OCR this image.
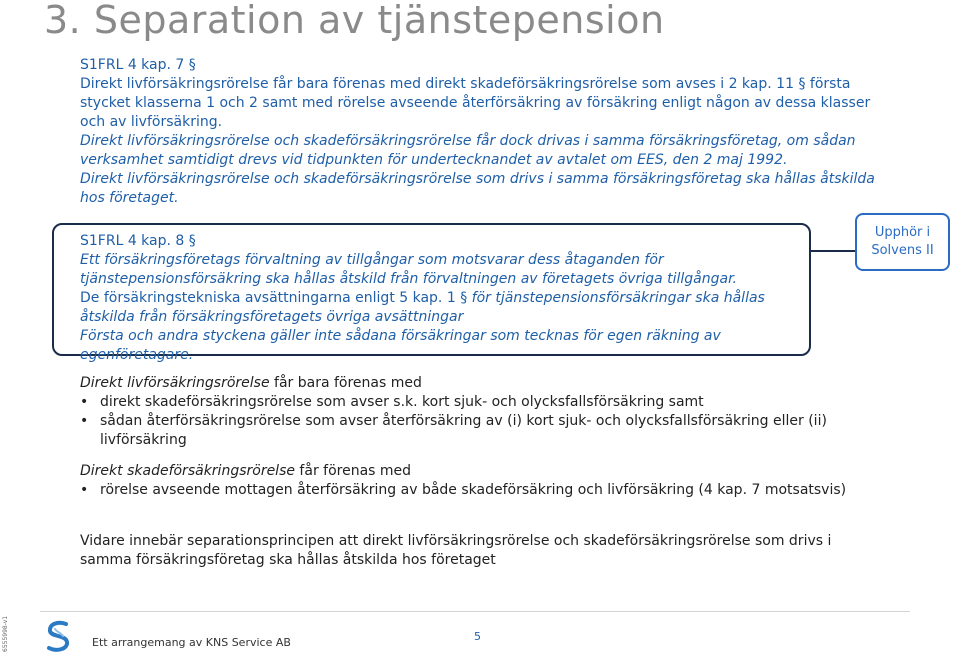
3. Separation av tjänstepension

S1FRL 4 kap. 7 §

Direkt livförsäkringsrörelse får bara förenas med direkt skadeförsäkringsrörelse som avses i 2 kap. 11 § första stycket klasserna 1 och 2 samt med rörelse avseende återförsäkring av försäkring enligt någon av dessa klasser och av livförsäkring.

Direkt livförsäkringsrörelse och skadeförsäkringsrörelse får dock drivas i samma försäkringsföretag, om sådan verksamhet samtidigt drevs vid tidpunkten för undertecknandet av avtalet om EES, den 2 maj 1992.

Direkt livförsäkringsrörelse och skadeförsäkringsrörelse som drivs i samma försäkringsföretag ska hållas åtskilda hos företaget.

S1FRL 4 kap. 8 §

Ett försäkringsföretags förvaltning av tillgångar som motsvarar dess åtaganden för tjänstepensionsförsäkring ska hållas åtskild från förvaltningen av företagets övriga tillgångar.

De försäkringstekniska avsättningarna enligt 5 kap. 1 § för tjänstepensionsförsäkringar ska hållas åtskilda från försäkringsföretagets övriga avsättningar

Första och andra styckena gäller inte sådana försäkringar som tecknas för egen räkning av egenföretagare.

Upphör i
Solvens II

Direkt livförsäkringsrörelse får bara förenas med

• direkt skadeförsäkringsrörelse som avser s.k. kort sjuk- och olycksfallsförsäkring samt
• sådan återförsäkringsrörelse som avser återförsäkring av (i) kort sjuk- och olycksfallsförsäkring eller (ii) livförsäkring

Direkt skadeförsäkringsrörelse får förenas med

• rörelse avseende mottagen återförsäkring av både skadeförsäkring och livförsäkring (4 kap. 7 motsatsvis)

Vidare innebär separationsprincipen att direkt livförsäkringsrörelse och skadeförsäkringsrörelse som drivs i samma försäkringsföretag ska hållas åtskilda hos företaget

Ett arrangemang av KNS Service AB	5
6555998-v1
